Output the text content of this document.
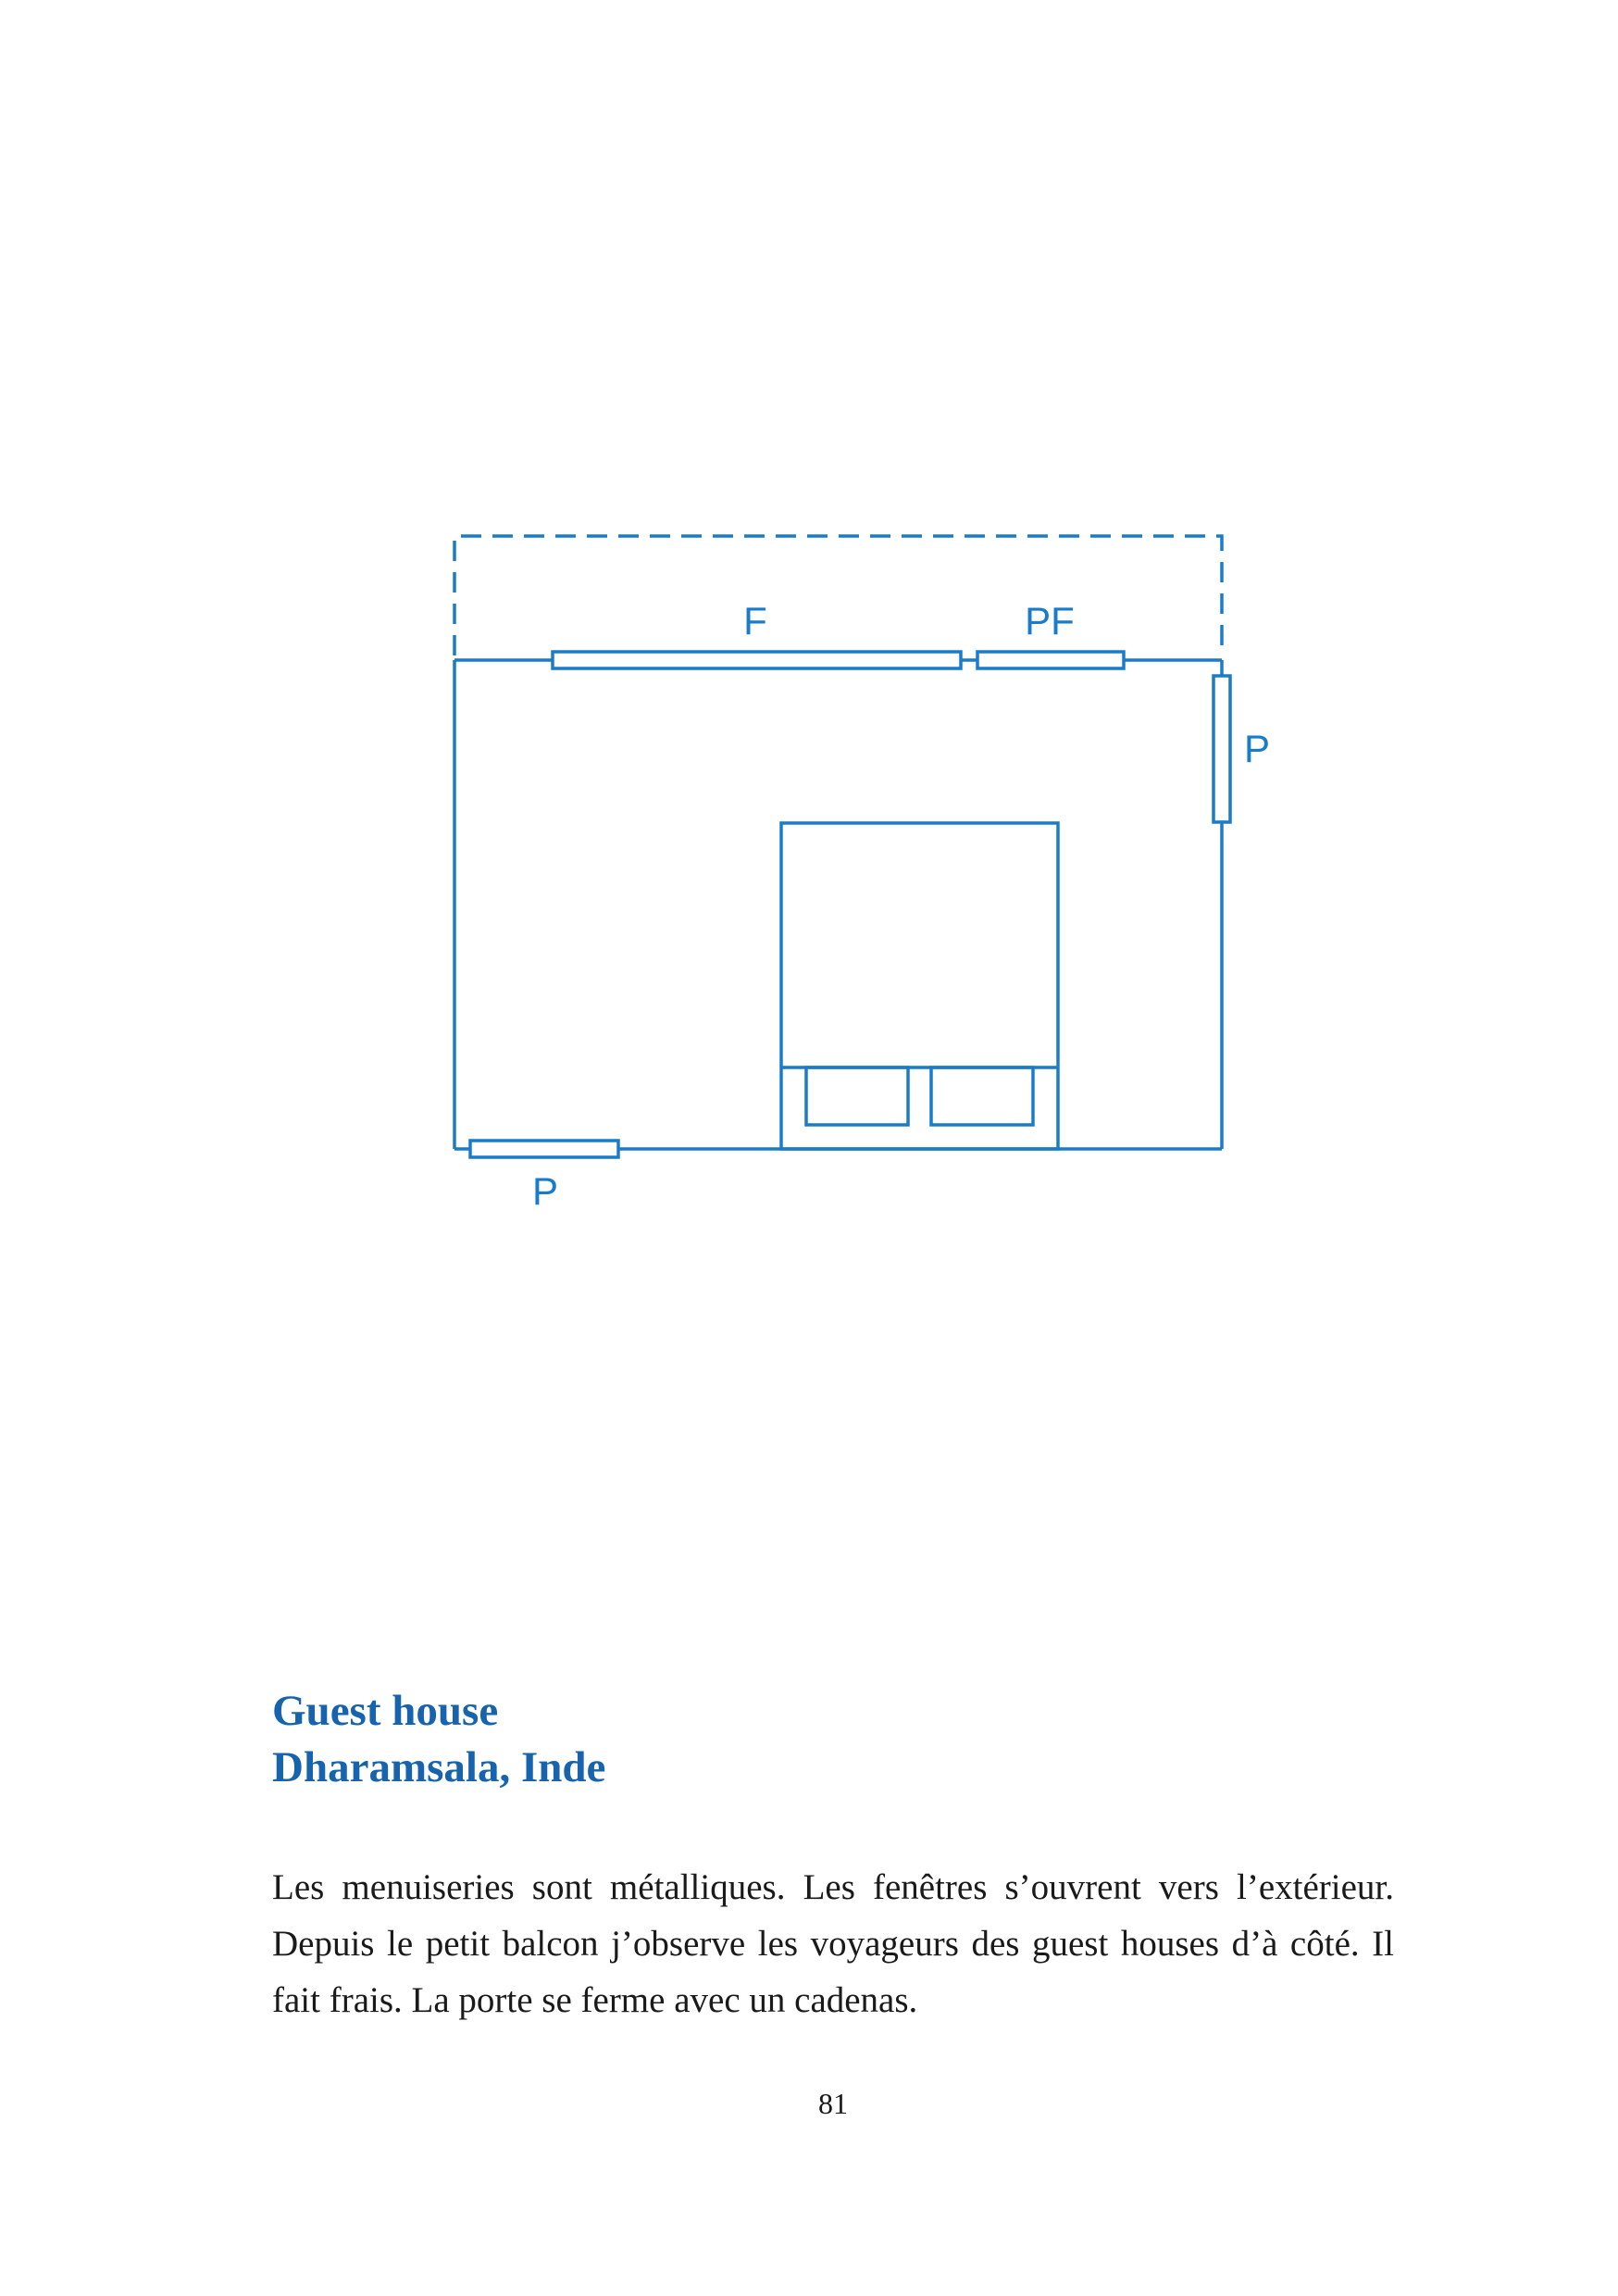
F	PF
P
P
Guest house
Dharamsala, Inde
Les menuiseries sont métalliques. Les fenêtres s’ouvrent vers l’extérieur. Depuis le petit balcon j’observe les voyageurs des guest houses d’à côté. Il fait frais. La porte se ferme avec un cadenas.
81
